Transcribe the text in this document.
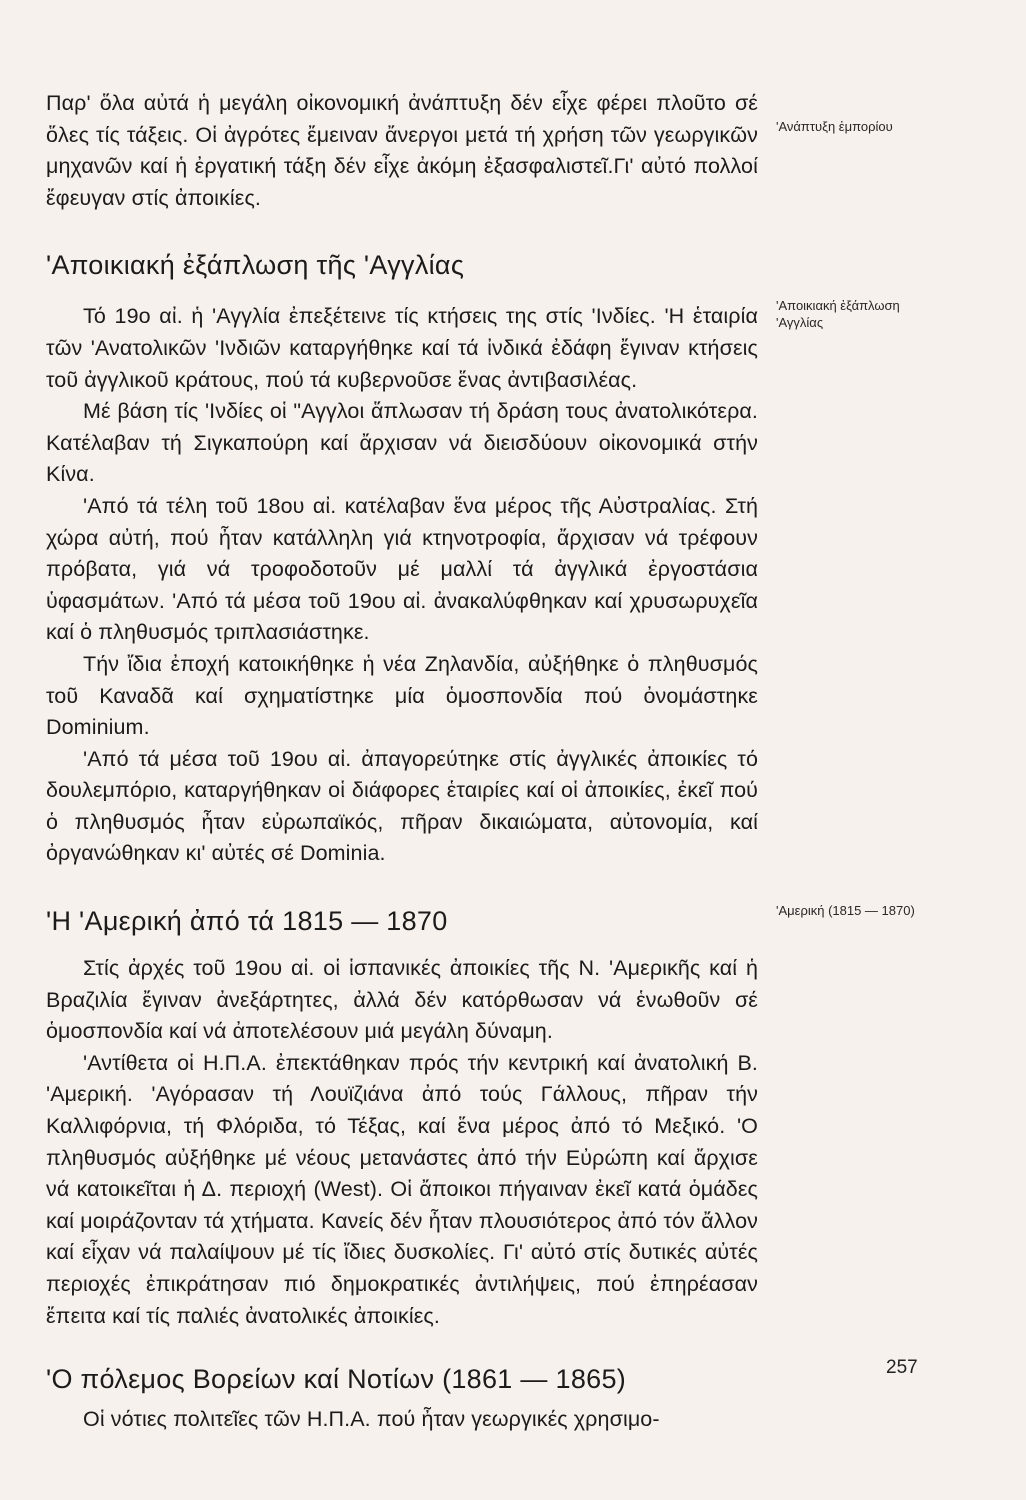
Παρ' ὅλα αὐτά ἡ μεγάλη οἰκονομική ἀνάπτυξη δέν εἶχε φέρει πλοῦτο σέ ὅλες τίς τάξεις. Οἱ ἀγρότες ἔμειναν ἄνεργοι μετά τή χρήση τῶν γεωργικῶν μηχανῶν καί ἡ ἐργατική τάξη δέν εἶχε ἀκόμη ἐξασφαλιστεῖ.Γι' αὐτό πολλοί ἔφευγαν στίς ἀποικίες.

'Αποικιακή ἐξάπλωση τῆς 'Αγγλίας

Τό 19ο αἰ. ἡ 'Αγγλία ἐπεξέτεινε τίς κτήσεις της στίς 'Ινδίες. 'Η ἑταιρία τῶν 'Ανατολικῶν 'Ινδιῶν καταργήθηκε καί τά ἰνδικά ἐδάφη ἔγιναν κτήσεις τοῦ ἀγγλικοῦ κράτους, πού τά κυβερνοῦσε ἕνας ἀντιβασιλέας.

Μέ βάση τίς 'Ινδίες οἱ "Αγγλοι ἅπλωσαν τή δράση τους ἀνατολικότερα. Κατέλαβαν τή Σιγκαπούρη καί ἄρχισαν νά διεισδύουν οἰκονομικά στήν Κίνα.

'Από τά τέλη τοῦ 18ου αἰ. κατέλαβαν ἕνα μέρος τῆς Αὐστραλίας. Στή χώρα αὐτή, πού ἦταν κατάλληλη γιά κτηνοτροφία, ἄρχισαν νά τρέφουν πρόβατα, γιά νά τροφοδοτοῦν μέ μαλλί τά ἀγγλικά ἐργοστάσια ὑφασμάτων. 'Από τά μέσα τοῦ 19ου αἰ. ἀνακαλύφθηκαν καί χρυσωρυχεῖα καί ὁ πληθυσμός τριπλασιάστηκε.

Τήν ἴδια ἐποχή κατοικήθηκε ἡ νέα Ζηλανδία, αὐξήθηκε ὁ πληθυσμός τοῦ Καναδᾶ καί σχηματίστηκε μία ὁμοσπονδία πού ὀνομάστηκε Dominium.

'Από τά μέσα τοῦ 19ου αἰ. ἀπαγορεύτηκε στίς ἀγγλικές ἀποικίες τό δουλεμπόριο, καταργήθηκαν οἱ διάφορες ἑταιρίες καί οἱ ἀποικίες, ἐκεῖ πού ὁ πληθυσμός ἦταν εὐρωπαϊκός, πῆραν δικαιώματα, αὐτονομία, καί ὀργανώθηκαν κι' αὐτές σέ Dominia.

'Η 'Αμερική ἀπό τά 1815 — 1870

Στίς ἀρχές τοῦ 19ου αἰ. οἱ ἱσπανικές ἀποικίες τῆς Ν. 'Αμερικῆς καί ἡ Βραζιλία ἔγιναν ἀνεξάρτητες, ἀλλά δέν κατόρθωσαν νά ἑνωθοῦν σέ ὁμοσπονδία καί νά ἀποτελέσουν μιά μεγάλη δύναμη.

'Αντίθετα οἱ Η.Π.Α. ἐπεκτάθηκαν πρός τήν κεντρική καί ἀνατολική Β. 'Αμερική. 'Αγόρασαν τή Λουϊζιάνα ἀπό τούς Γάλλους, πῆραν τήν Καλλιφόρνια, τή Φλόριδα, τό Τέξας, καί ἕνα μέρος ἀπό τό Μεξικό. 'Ο πληθυσμός αὐξήθηκε μέ νέους μετανάστες ἀπό τήν Εὐρώπη καί ἄρχισε νά κατοικεῖται ἡ Δ. περιοχή (West). Οἱ ἄποικοι πήγαιναν ἐκεῖ κατά ὁμάδες καί μοιράζονταν τά χτήματα. Κανείς δέν ἦταν πλουσιότερος ἀπό τόν ἄλλον καί εἶχαν νά παλαίψουν μέ τίς ἴδιες δυσκολίες. Γι' αὐτό στίς δυτικές αὐτές περιοχές ἐπικράτησαν πιό δημοκρατικές ἀντιλήψεις, πού ἐπηρέασαν ἔπειτα καί τίς παλιές ἀνατολικές ἀποικίες.

'Ο πόλεμος Βορείων καί Νοτίων (1861 — 1865)

Οἱ νότιες πολιτεῖες τῶν Η.Π.Α. πού ἦταν γεωργικές χρησιμο-

'Ανάπτυξη ἐμπορίου
'Αποικιακή ἐξάπλωση
'Αγγλίας
'Αμερική (1815 — 1870)
257
